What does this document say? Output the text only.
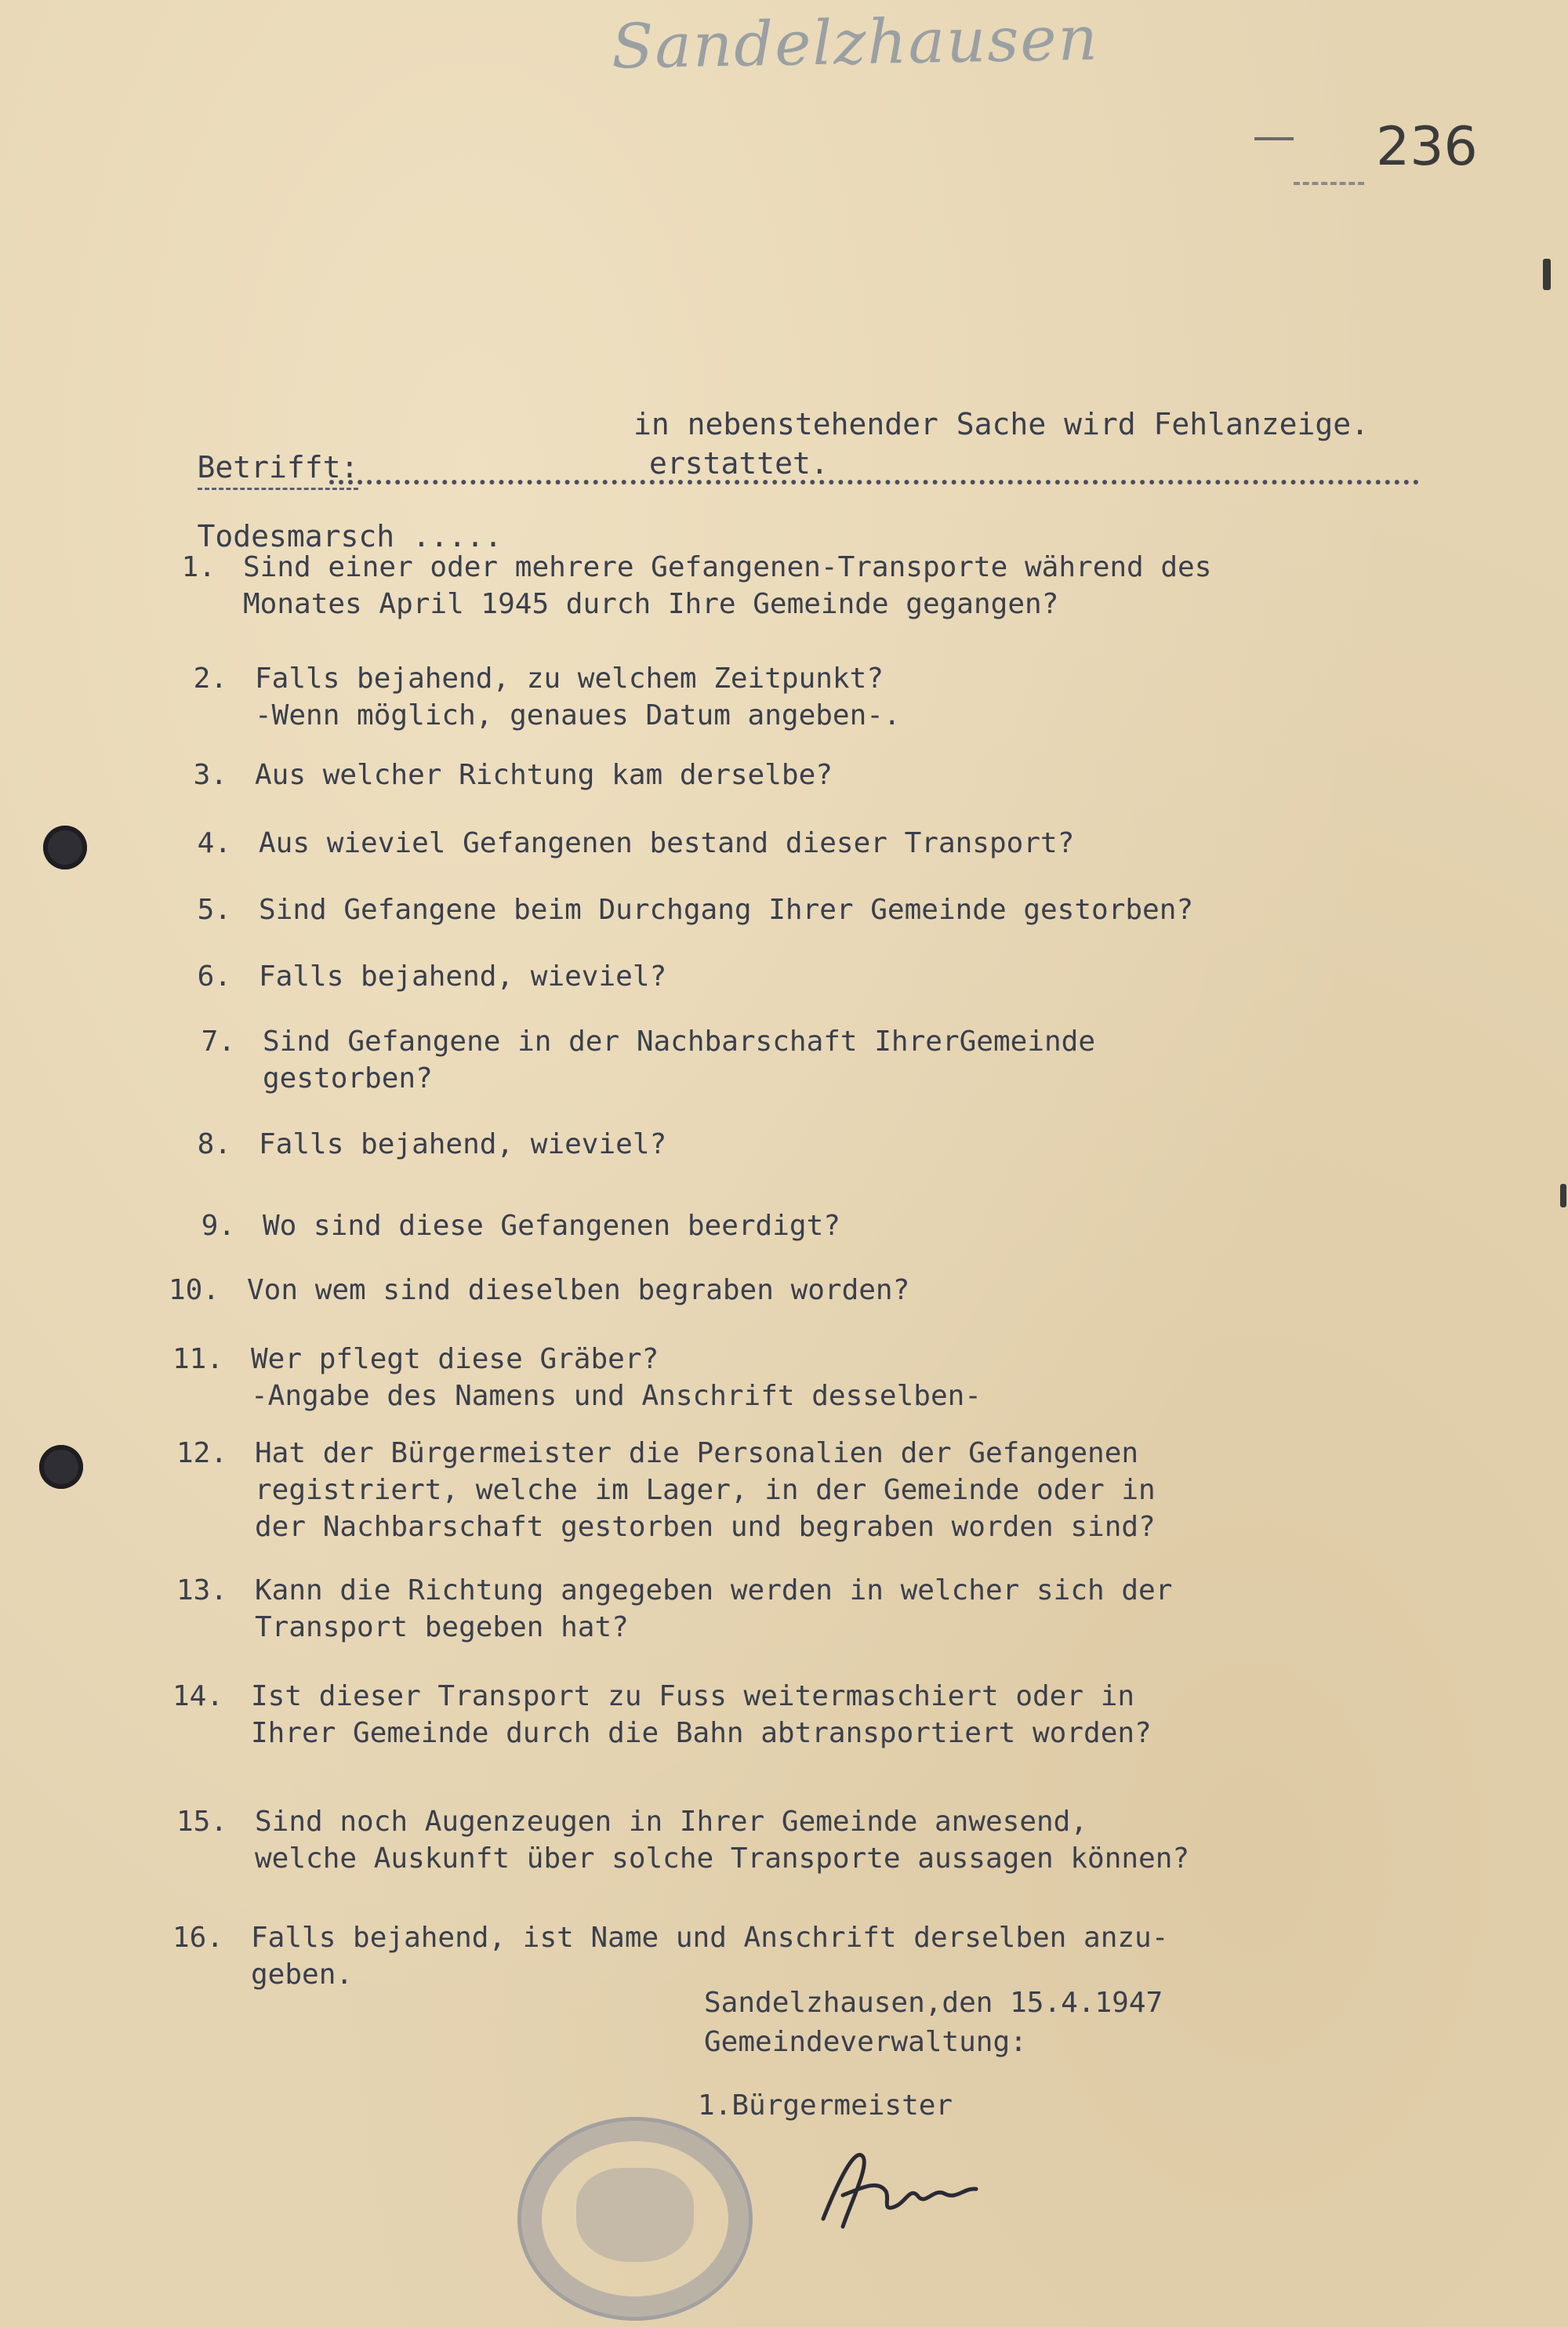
Sandelzhausen
236

Betrifft:

Todesmarsch .....

in nebenstehender Sache wird Fehlanzeige.
erstattet.
1. Sind einer oder mehrere Gefangenen-Transporte während des
Monates April 1945 durch Ihre Gemeinde gegangen?
2. Falls bejahend, zu welchem Zeitpunkt?
-Wenn möglich, genaues Datum angeben-.
3. Aus welcher Richtung kam derselbe?
4. Aus wieviel Gefangenen bestand dieser Transport?
5. Sind Gefangene beim Durchgang Ihrer Gemeinde gestorben?
6. Falls bejahend, wieviel?
7. Sind Gefangene in der Nachbarschaft IhrerGemeinde
gestorben?
8. Falls bejahend, wieviel?
9. Wo sind diese Gefangenen beerdigt?
10. Von wem sind dieselben begraben worden?
11. Wer pflegt diese Gräber?
-Angabe des Namens und Anschrift desselben-
12. Hat der Bürgermeister die Personalien der Gefangenen
registriert, welche im Lager, in der Gemeinde oder in
der Nachbarschaft gestorben und begraben worden sind?
13. Kann die Richtung angegeben werden in welcher sich der
Transport begeben hat?
14. Ist dieser Transport zu Fuss weitermaschiert oder in
Ihrer Gemeinde durch die Bahn abtransportiert worden?
15. Sind noch Augenzeugen in Ihrer Gemeinde anwesend,
welche Auskunft über solche Transporte aussagen können?
16. Falls bejahend, ist Name und Anschrift derselben anzu-
geben.
Sandelzhausen,den 15.4.1947
Gemeindeverwaltung:
1.Bürgermeister
